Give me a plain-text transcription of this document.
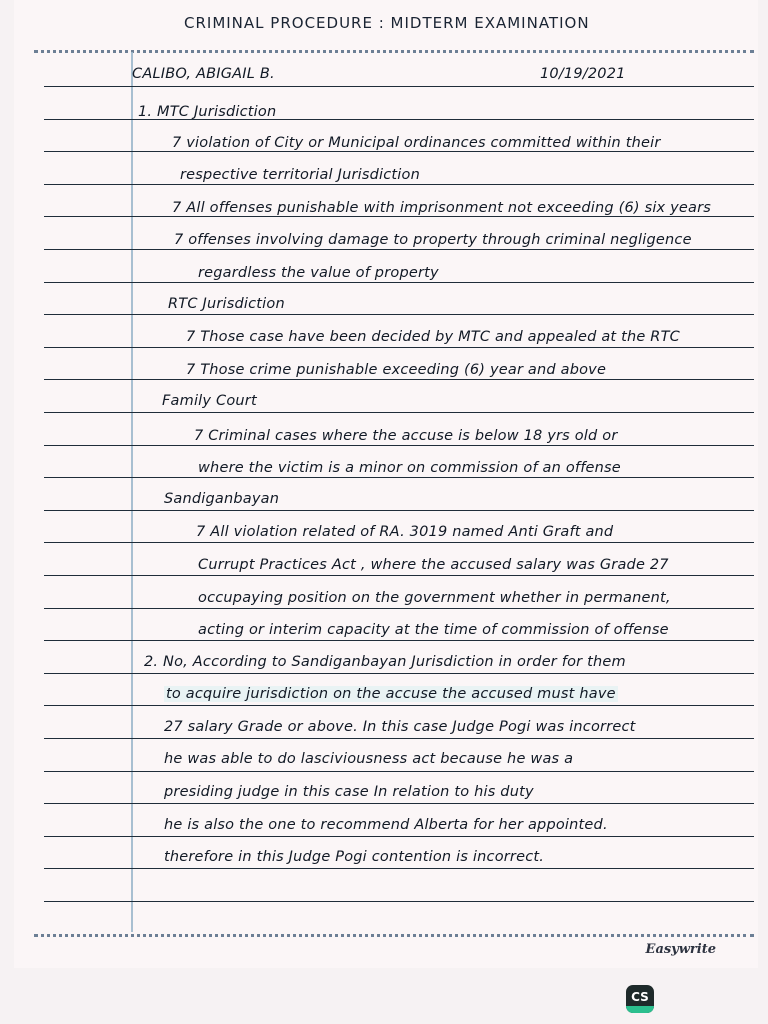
CRIMINAL PROCEDURE : MIDTERM EXAMINATION
CALIBO, ABIGAIL B.	10/19/2021
1. MTC Jurisdiction
7 violation of City or Municipal ordinances committed within their
respective territorial Jurisdiction
7 All offenses punishable with imprisonment not exceeding (6) six years
7 offenses involving damage to property through criminal negligence
regardless the value of property
RTC Jurisdiction
7 Those case have been decided by MTC and appealed at the RTC
7 Those crime punishable exceeding (6) year and above
Family Court
7 Criminal cases where the accuse is below 18 yrs old or
where the victim is a minor on commission of an offense
Sandiganbayan
7 All violation related of RA. 3019 named Anti Graft and
Currupt Practices Act , where the accused salary was Grade 27
occupaying position on the government whether in permanent,
acting or interim capacity at the time of commission of offense
2. No, According to Sandiganbayan Jurisdiction in order for them
to acquire jurisdiction on the accuse the accused must have
27 salary Grade or above. In this case Judge Pogi was incorrect
he was able to do lasciviousness act because he was a
presiding judge in this case In relation to his duty
he is also the one to recommend Alberta for her appointed.
therefore in this Judge Pogi contention is incorrect.
Easywrite
CS
